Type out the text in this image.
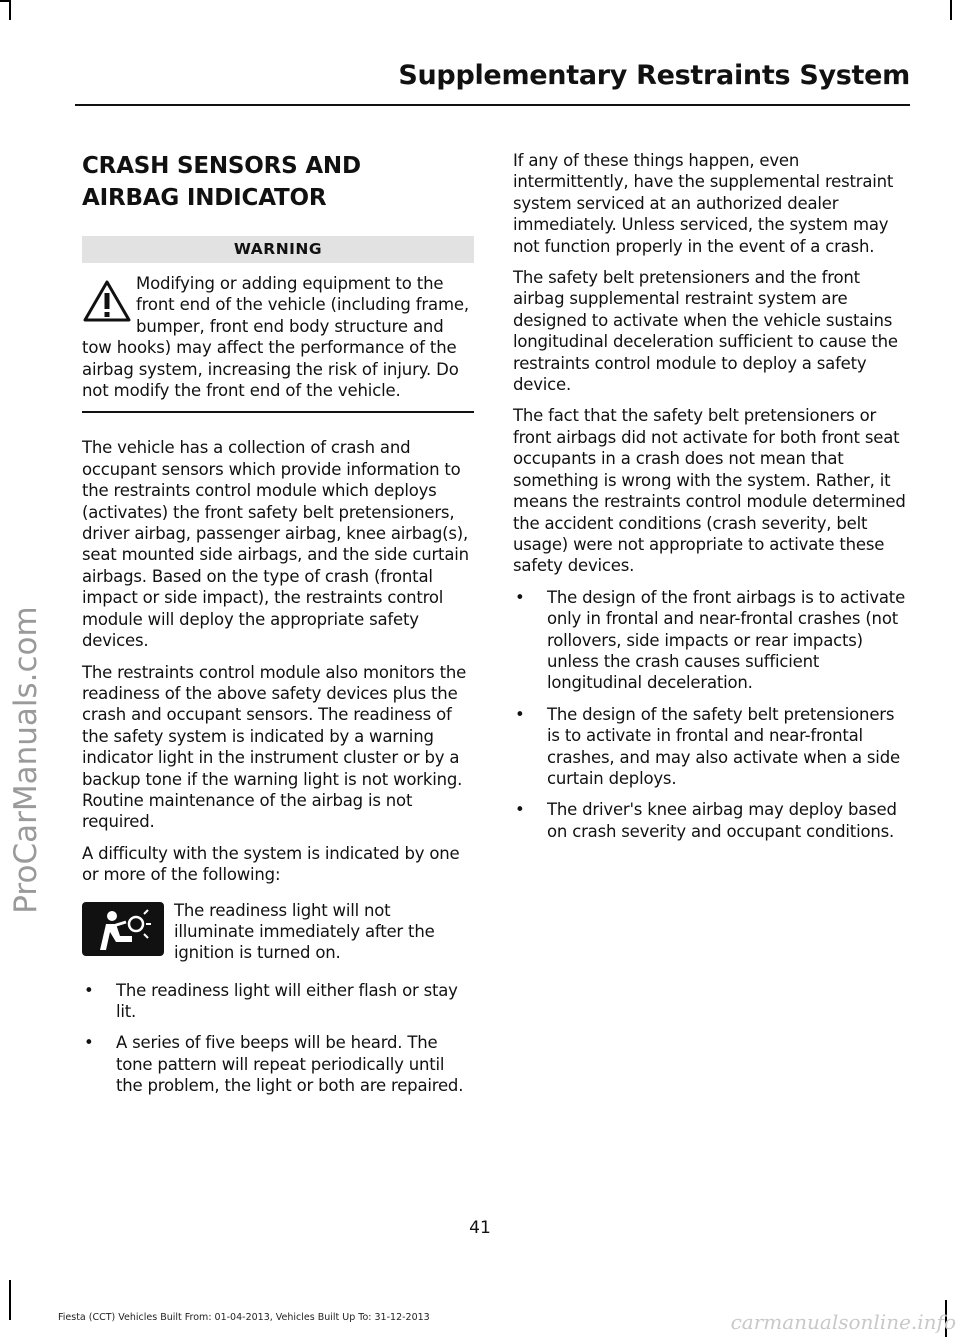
ProCarManuals.com
Supplementary Restraints System
CRASH SENSORS AND
AIRBAG INDICATOR
WARNING
Modifying or adding equipment to the front end of the vehicle (including frame, bumper, front end body structure and tow hooks) may affect the performance of the airbag system, increasing the risk of injury. Do not modify the front end of the vehicle.

The vehicle has a collection of crash and occupant sensors which provide information to the restraints control module which deploys (activates) the front safety belt pretensioners, driver airbag, passenger airbag, knee airbag(s), seat mounted side airbags, and the side curtain airbags. Based on the type of crash (frontal impact or side impact), the restraints control module will deploy the appropriate safety devices.

The restraints control module also monitors the readiness of the above safety devices plus the crash and occupant sensors. The readiness of the safety system is indicated by a warning indicator light in the instrument cluster or by a backup tone if the warning light is not working. Routine maintenance of the airbag is not required.

A difficulty with the system is indicated by one or more of the following:

The readiness light will not illuminate immediately after the ignition is turned on.
• The readiness light will either flash or stay lit.
• A series of five beeps will be heard. The tone pattern will repeat periodically until the problem, the light or both are repaired.

If any of these things happen, even intermittently, have the supplemental restraint system serviced at an authorized dealer immediately. Unless serviced, the system may not function properly in the event of a crash.

The safety belt pretensioners and the front airbag supplemental restraint system are designed to activate when the vehicle sustains longitudinal deceleration sufficient to cause the restraints control module to deploy a safety device.

The fact that the safety belt pretensioners or front airbags did not activate for both front seat occupants in a crash does not mean that something is wrong with the system. Rather, it means the restraints control module determined the accident conditions (crash severity, belt usage) were not appropriate to activate these safety devices.

• The design of the front airbags is to activate only in frontal and near-frontal crashes (not rollovers, side impacts or rear impacts) unless the crash causes sufficient longitudinal deceleration.
• The design of the safety belt pretensioners is to activate in frontal and near-frontal crashes, and may also activate when a side curtain deploys.
• The driver's knee airbag may deploy based on crash severity and occupant conditions.
41
Fiesta (CCT) Vehicles Built From: 01-04-2013, Vehicles Built Up To: 31-12-2013	carmanualsonline.info
